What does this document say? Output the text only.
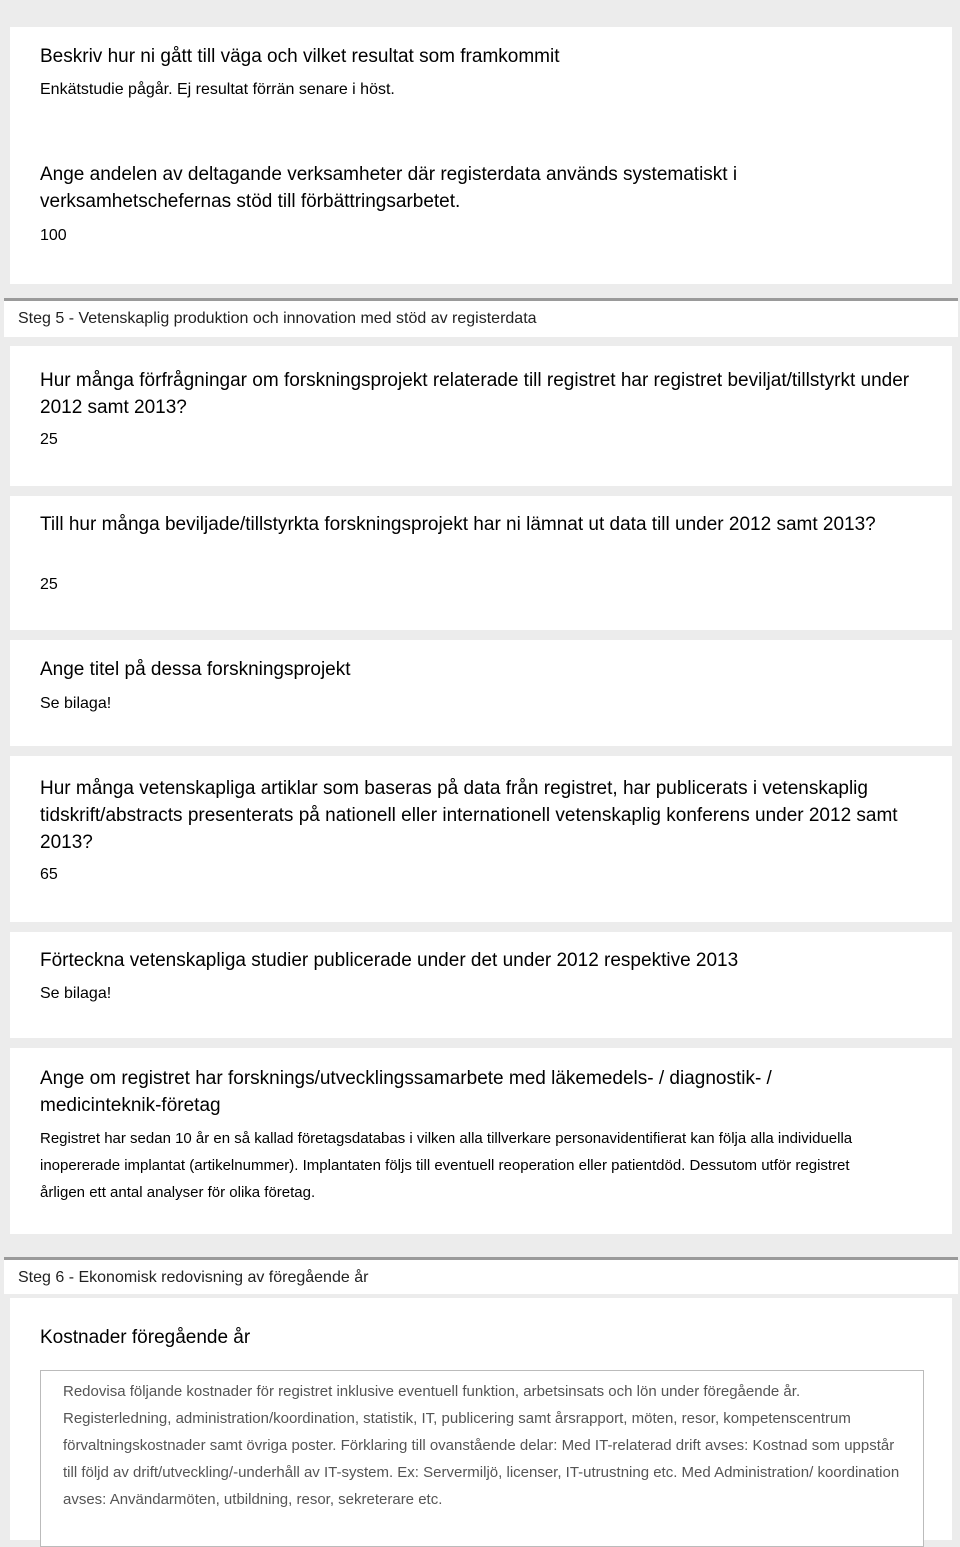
Beskriv hur ni gått till väga och vilket resultat som framkommit
Enkätstudie pågår. Ej resultat förrän senare i höst.
Ange andelen av deltagande verksamheter där registerdata används systematiskt i verksamhetschefernas stöd till förbättringsarbetet.
100
Steg 5 - Vetenskaplig produktion och innovation med stöd av registerdata
Hur många förfrågningar om forskningsprojekt relaterade till registret har registret beviljat/tillstyrkt under 2012 samt 2013?
25
Till hur många beviljade/tillstyrkta forskningsprojekt har ni lämnat ut data till under 2012 samt 2013?
25
Ange titel på dessa forskningsprojekt
Se bilaga!
Hur många vetenskapliga artiklar som baseras på data från registret, har publicerats i vetenskaplig tidskrift/abstracts presenterats på nationell eller internationell vetenskaplig konferens under 2012 samt 2013?
65
Förteckna vetenskapliga studier publicerade under det under 2012 respektive 2013
Se bilaga!
Ange om registret har forsknings/utvecklingssamarbete med läkemedels- / diagnostik- / medicinteknik-företag
Registret har sedan 10 år en så kallad företagsdatabas i vilken alla tillverkare personavidentifierat kan följa alla individuella inopererade implantat (artikelnummer). Implantaten följs till eventuell reoperation eller patientdöd. Dessutom utför registret årligen ett antal analyser för olika företag.
Steg 6 - Ekonomisk redovisning av föregående år
Kostnader föregående år

Redovisa följande kostnader för registret inklusive eventuell funktion, arbetsinsats och lön under föregående år. Registerledning, administration/koordination, statistik, IT, publicering samt årsrapport, möten, resor, kompetenscentrum förvaltningskostnader samt övriga poster. Förklaring till ovanstående delar: Med IT-relaterad drift avses: Kostnad som uppstår till följd av drift/utveckling/-underhåll av IT-system. Ex: Servermiljö, licenser, IT-utrustning etc. Med Administration/ koordination avses: Användarmöten, utbildning, resor, sekreterare etc.
